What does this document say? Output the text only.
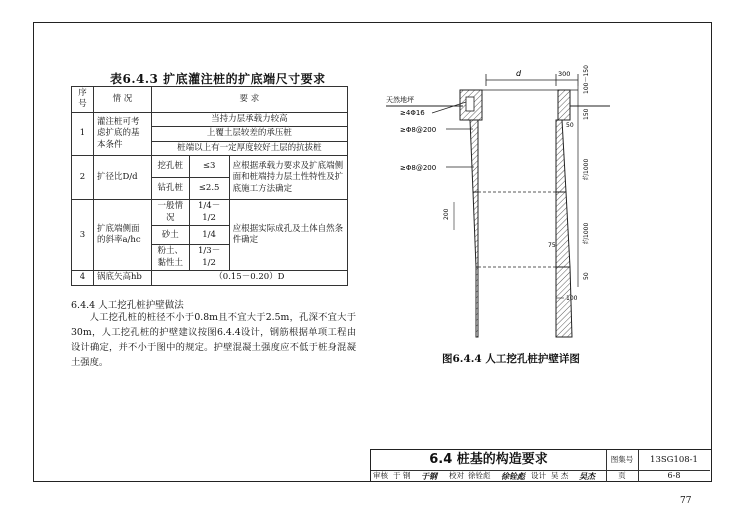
表6.4.3 扩底灌注桩的扩底端尺寸要求
序号	情 况	要 求		
1	灌注桩可考虑扩底的基本条件	当持力层承载力较高		
		上覆土层较差的承压桩		
		桩端以上有一定厚度较好土层的抗拔桩		
2	扩径比D/d	挖孔桩	≤3	应根据承载力要求及扩底端侧面和桩端持力层土性特性及扩底施工方法确定
		钻孔桩	≤2.5	
3	扩底端侧面的斜率a/hc	一般情况	1/4－1/2	应根据实际成孔及土体自然条件确定
		砂土	1/4	
		粉土、黏性土	1/3－1/2	
4	锅底矢高hb	（0.15－0.20）D		
6.4.4 人工挖孔桩护壁做法
人工挖孔桩的桩径不小于0.8m且不宜大于2.5m，孔深不宜大于30m，人工挖孔桩的护壁建议按图6.4.4设计，钢筋根据单项工程由设计确定，并不小于图中的规定。护壁混凝土强度应不低于桩身混凝土强度。
d	300 100～150
150
约1000
约1000
50
天然地坪
≥4Φ16
≥Φ8@200
≥Φ8@200
200
75
50
100
图6.4.4 人工挖孔桩护壁详图
6.4 桩基的构造要求	图集号	13SG108-1
审核 于 钢 于钢 校对 徐铨彪 徐铨彪 设计 吴 杰 吴杰	页	6-8
77
